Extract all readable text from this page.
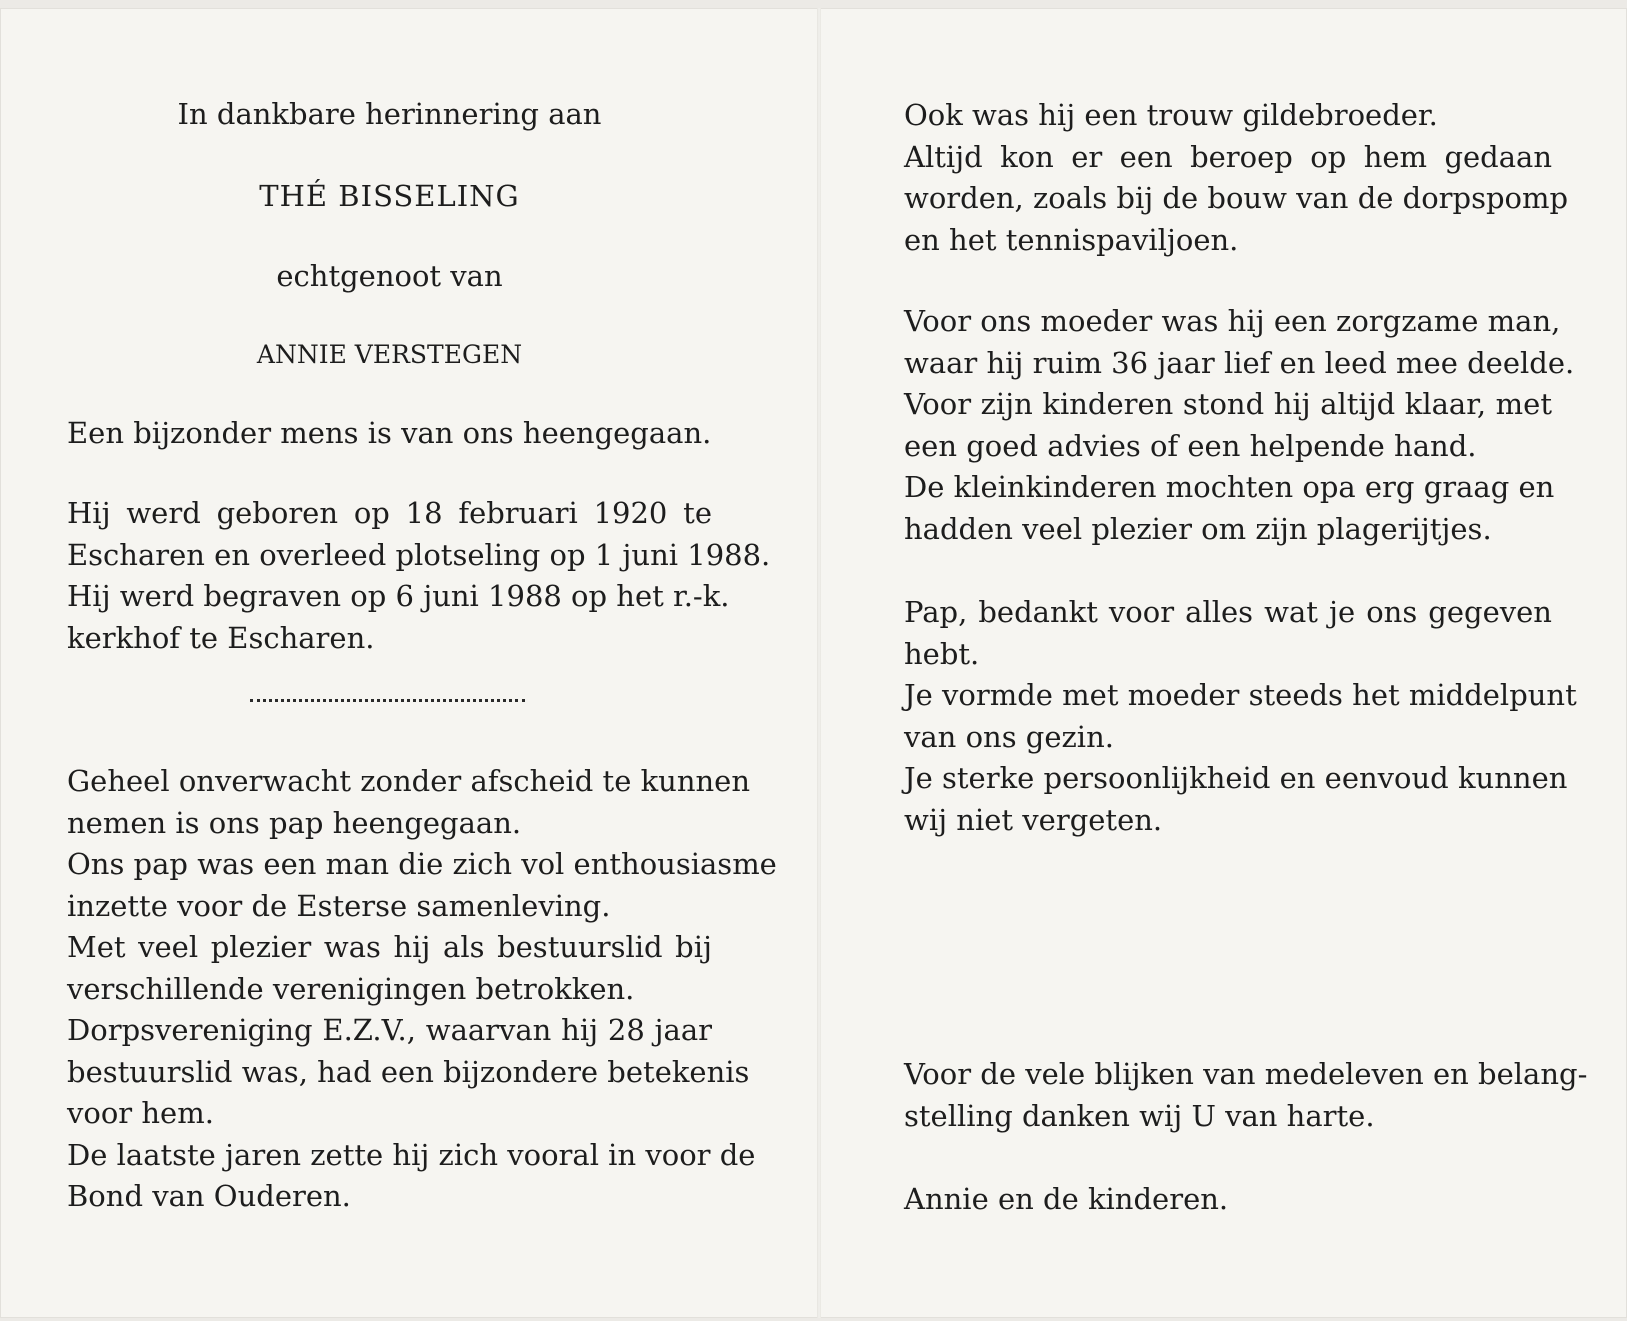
In dankbare herinnering aan
THÉ BISSELING
echtgenoot van
ANNIE VERSTEGEN
Een bijzonder mens is van ons heengegaan.
Hij werd geboren op 18 februari 1920 te
Escharen en overleed plotseling op 1 juni 1988.
Hij werd begraven op 6 juni 1988 op het r.-k.
kerkhof te Escharen.
Geheel onverwacht zonder afscheid te kunnen
nemen is ons pap heengegaan.
Ons pap was een man die zich vol enthousiasme
inzette voor de Esterse samenleving.
Met veel plezier was hij als bestuurslid bij
verschillende verenigingen betrokken.
Dorpsvereniging E.Z.V., waarvan hij 28 jaar
bestuurslid was, had een bijzondere betekenis
voor hem.
De laatste jaren zette hij zich vooral in voor de
Bond van Ouderen.
Ook was hij een trouw gildebroeder.
Altijd kon er een beroep op hem gedaan
worden, zoals bij de bouw van de dorpspomp
en het tennispaviljoen.
Voor ons moeder was hij een zorgzame man,
waar hij ruim 36 jaar lief en leed mee deelde.
Voor zijn kinderen stond hij altijd klaar, met
een goed advies of een helpende hand.
De kleinkinderen mochten opa erg graag en
hadden veel plezier om zijn plagerijtjes.
Pap, bedankt voor alles wat je ons gegeven
hebt.
Je vormde met moeder steeds het middelpunt
van ons gezin.
Je sterke persoonlijkheid en eenvoud kunnen
wij niet vergeten.
Voor de vele blijken van medeleven en belang-
stelling danken wij U van harte.
Annie en de kinderen.
